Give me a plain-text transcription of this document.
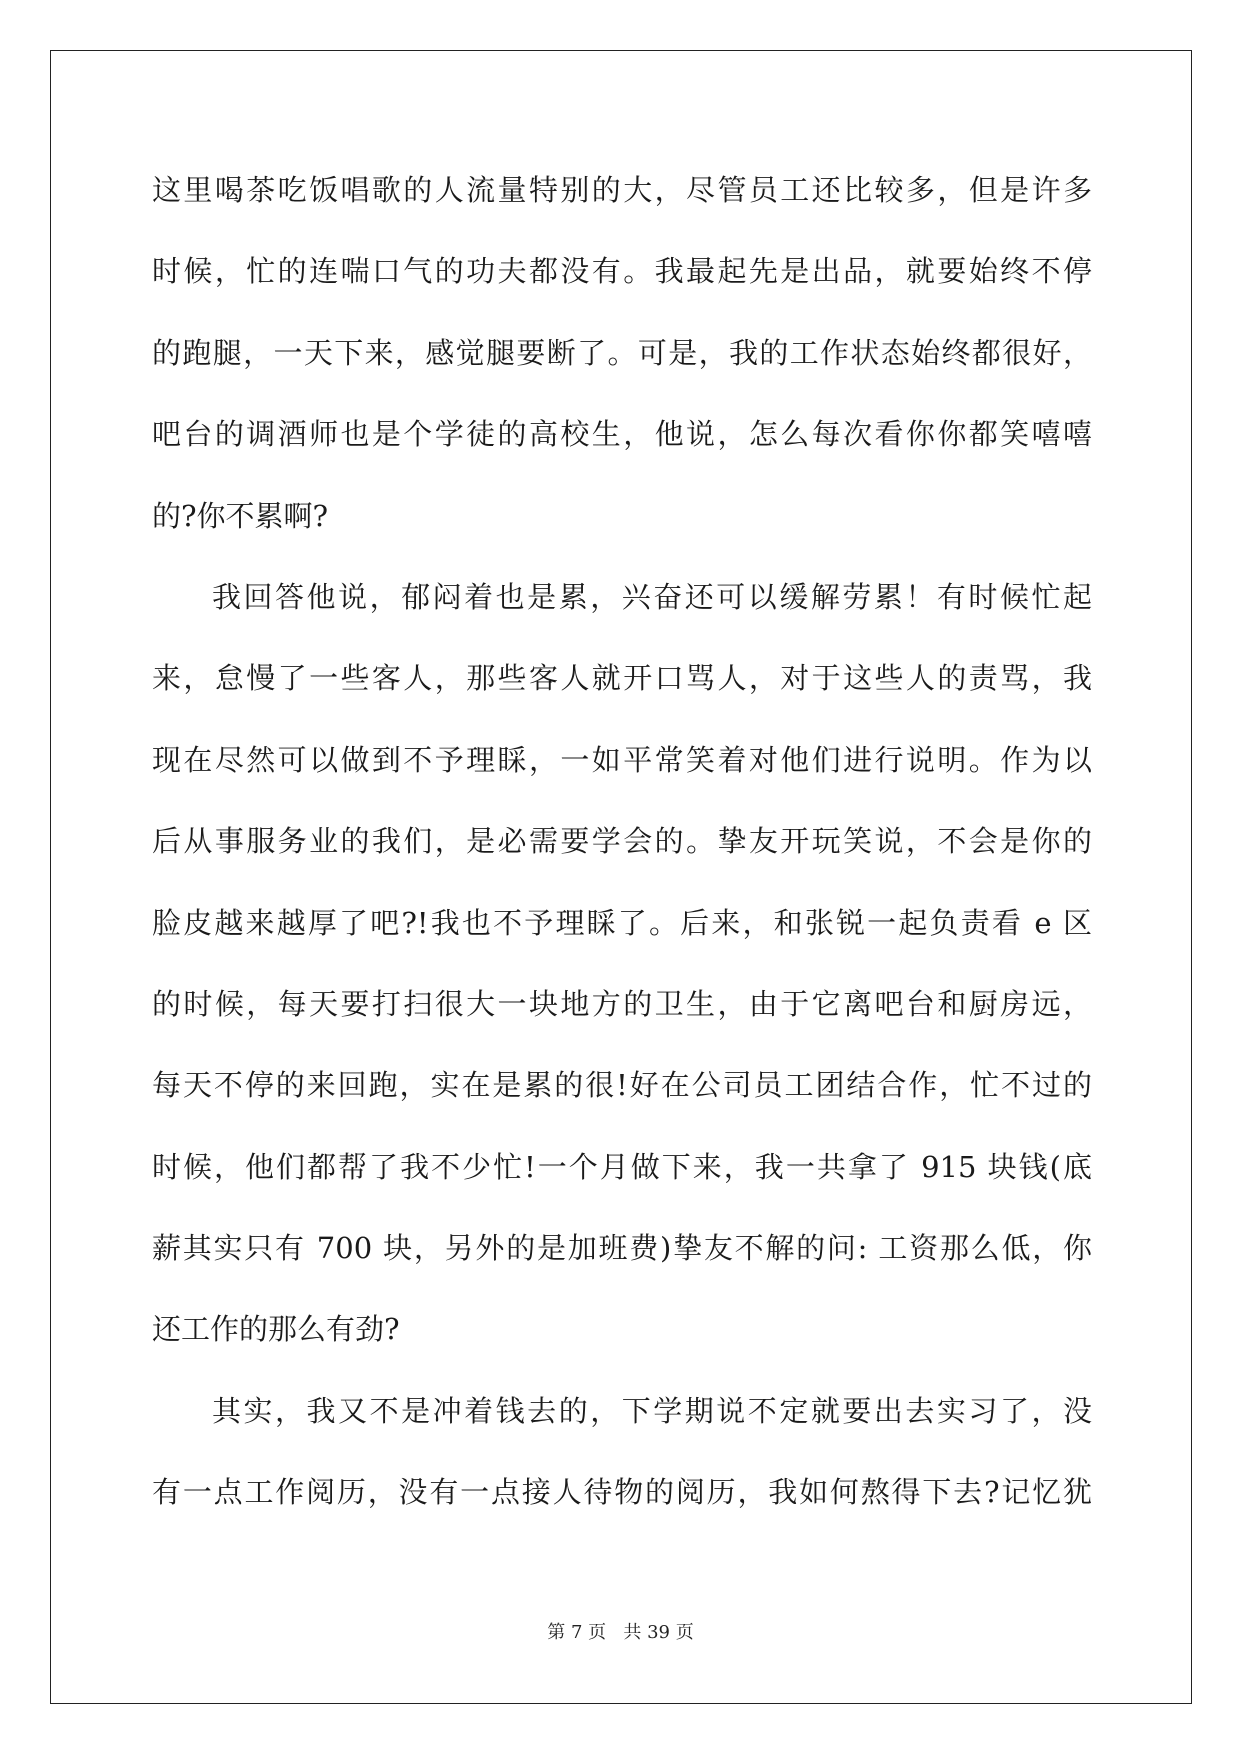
这里喝茶吃饭唱歌的人流量特别的大，尽管员工还比较多，但是许多
时候，忙的连喘口气的功夫都没有。我最起先是出品，就要始终不停
的跑腿，一天下来，感觉腿要断了。可是，我的工作状态始终都很好，
吧台的调酒师也是个学徒的高校生，他说，怎么每次看你你都笑嘻嘻
的?你不累啊?
我回答他说，郁闷着也是累，兴奋还可以缓解劳累！有时候忙起
来，怠慢了一些客人，那些客人就开口骂人，对于这些人的责骂，我
现在尽然可以做到不予理睬，一如平常笑着对他们进行说明。作为以
后从事服务业的我们，是必需要学会的。挚友开玩笑说，不会是你的
脸皮越来越厚了吧?!我也不予理睬了。后来，和张锐一起负责看 e 区
的时候，每天要打扫很大一块地方的卫生，由于它离吧台和厨房远，
每天不停的来回跑，实在是累的很!好在公司员工团结合作，忙不过的
时候，他们都帮了我不少忙!一个月做下来，我一共拿了 915 块钱(底
薪其实只有 700 块，另外的是加班费)挚友不解的问: 工资那么低，你
还工作的那么有劲?
其实，我又不是冲着钱去的，下学期说不定就要出去实习了，没
有一点工作阅历，没有一点接人待物的阅历，我如何熬得下去?记忆犹
第 7 页 共 39 页
